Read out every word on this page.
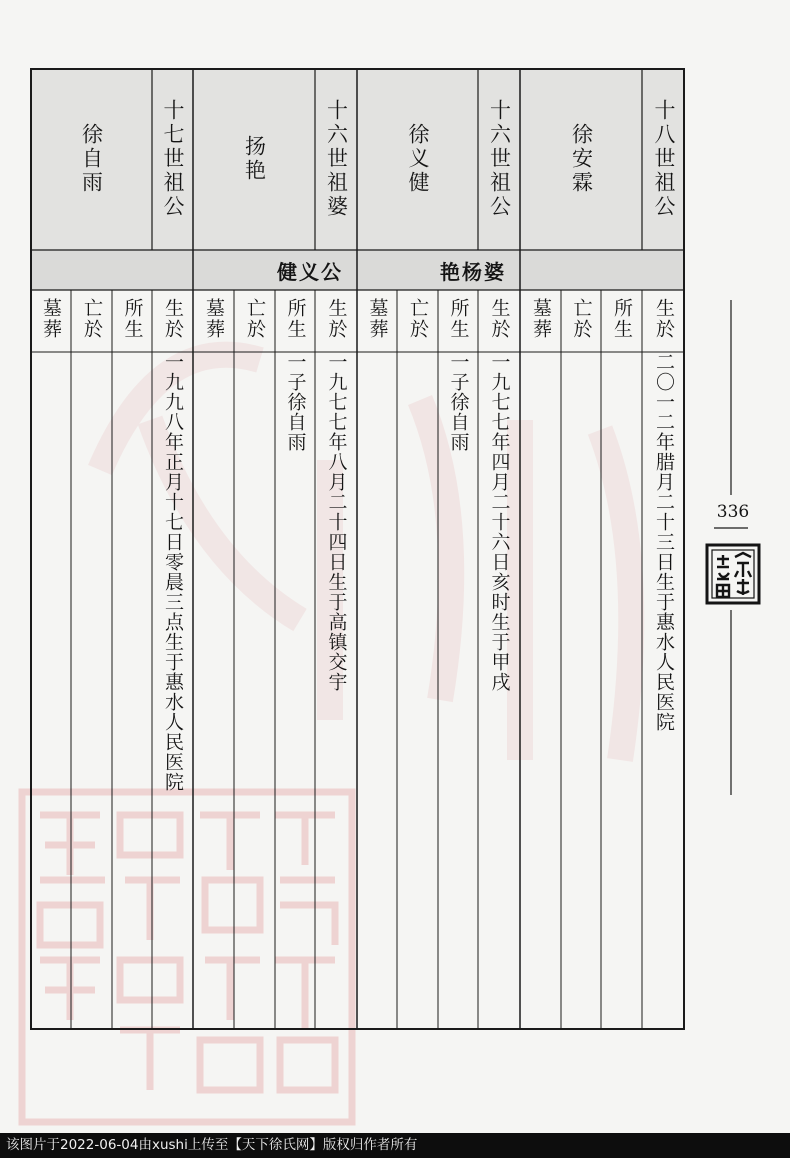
十八世祖公
徐安霖
十六世祖公
徐义健
艳杨婆
十六世祖婆
扬艳
健义公
十七世祖公
徐自雨
生於
所生
亡於
墓葬
二〇一二年腊月二十三日生于惠水人民医院
生於
所生
亡於
墓葬
一九七七年四月二十六日亥时生于甲戌
一子徐自雨
生於
所生
亡於
墓葬
一九七七年八月二十四日生于高镇交宇
一子徐自雨
生於
所生
亡於
墓葬
一九九八年正月十七日零晨三点生于惠水人民医院	336
该图片于2022-06-04由xushi上传至【天下徐氏网】版权归作者所有
